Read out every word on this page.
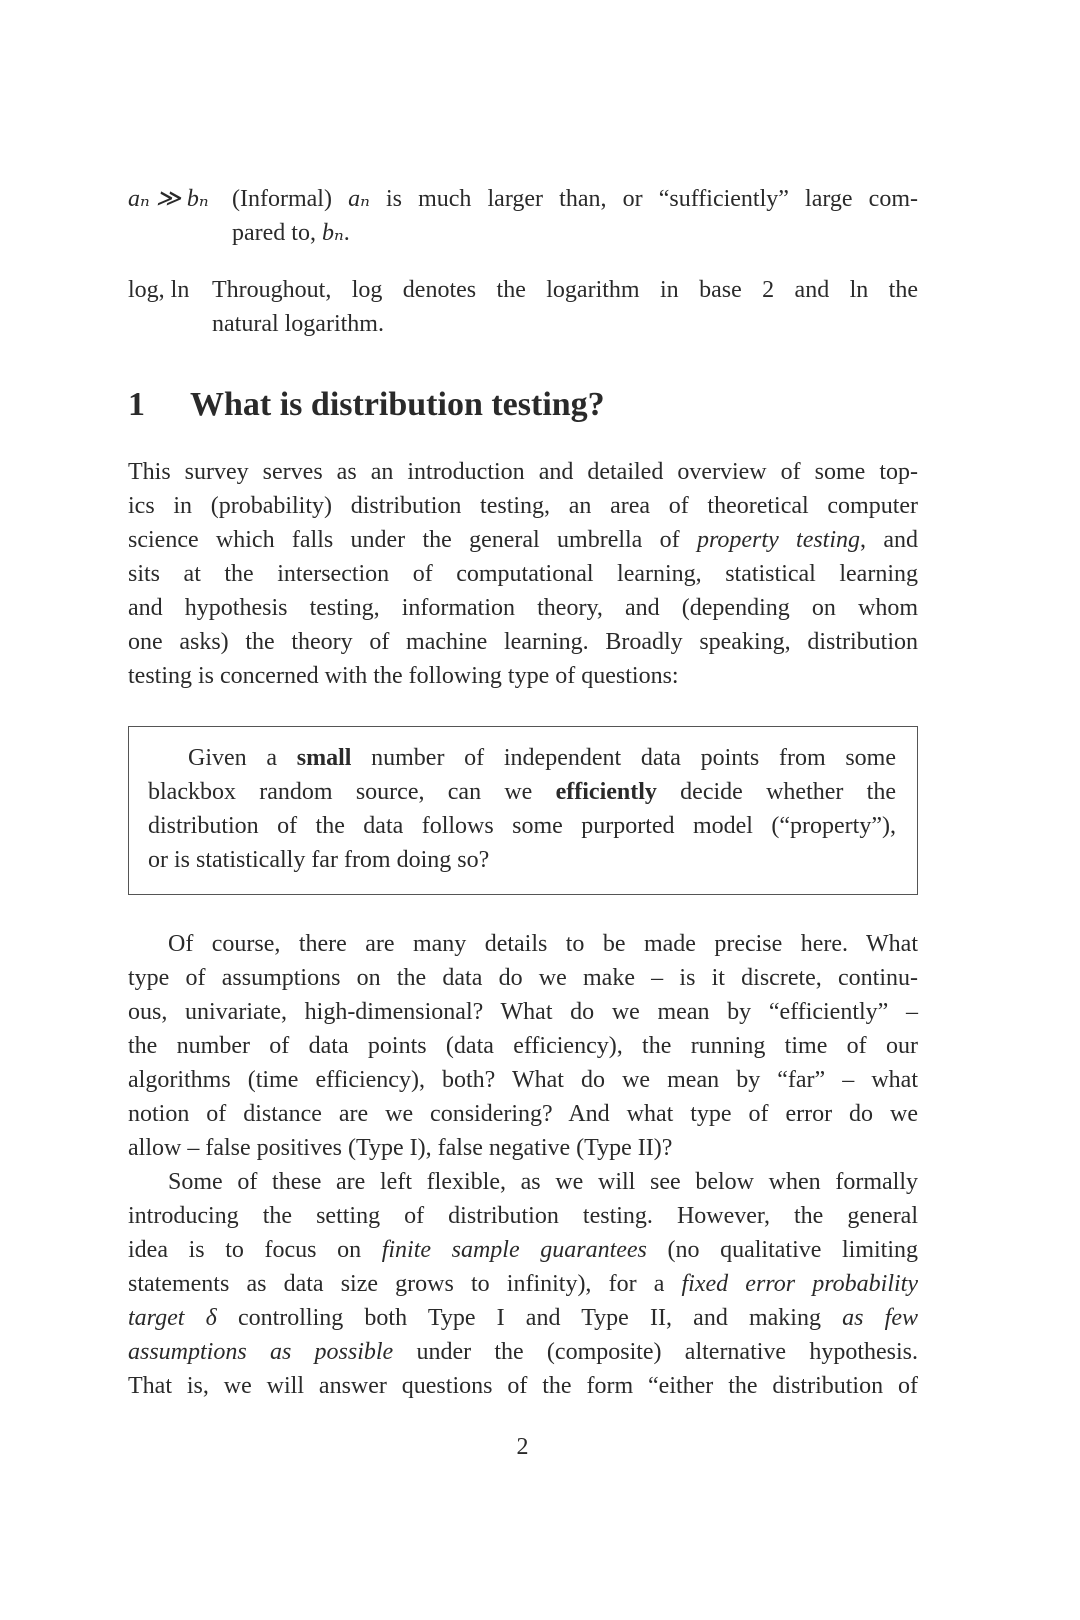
aₙ ≫ bₙ (Informal) aₙ is much larger than, or “sufficiently” large com-
pared to, bₙ.
log, ln Throughout, log denotes the logarithm in base 2 and ln the
natural logarithm.
1 What is distribution testing?
This survey serves as an introduction and detailed overview of some top-
ics in (probability) distribution testing, an area of theoretical computer
science which falls under the general umbrella of property testing, and
sits at the intersection of computational learning, statistical learning
and hypothesis testing, information theory, and (depending on whom
one asks) the theory of machine learning. Broadly speaking, distribution
testing is concerned with the following type of questions:
Given a small number of independent data points from some
blackbox random source, can we efficiently decide whether the
distribution of the data follows some purported model (“property”),
or is statistically far from doing so?
Of course, there are many details to be made precise here. What
type of assumptions on the data do we make – is it discrete, continu-
ous, univariate, high-dimensional? What do we mean by “efficiently” –
the number of data points (data efficiency), the running time of our
algorithms (time efficiency), both? What do we mean by “far” – what
notion of distance are we considering? And what type of error do we
allow – false positives (Type I), false negative (Type II)?
Some of these are left flexible, as we will see below when formally
introducing the setting of distribution testing. However, the general
idea is to focus on finite sample guarantees (no qualitative limiting
statements as data size grows to infinity), for a fixed error probability
target δ controlling both Type I and Type II, and making as few
assumptions as possible under the (composite) alternative hypothesis.
That is, we will answer questions of the form “either the distribution of
2
